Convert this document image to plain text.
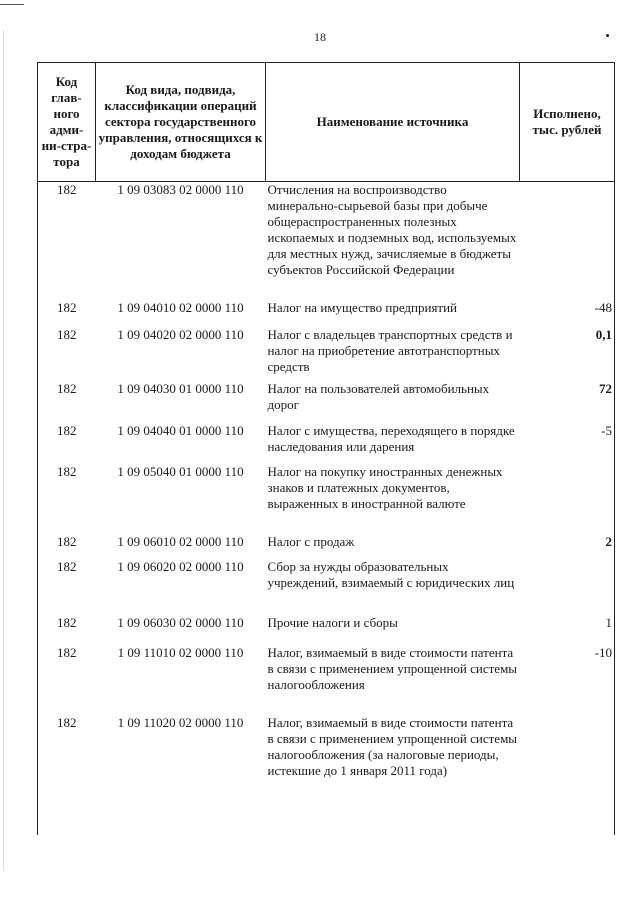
18
Код глав-ного адми-ни-стра-тора	Код вида, подвида, классификации операций сектора государственного управления, относящихся к доходам бюджета	Наименование источника	Исполнено, тыс. рублей
182	1 09 03083 02 0000 110	Отчисления на воспроизводство минерально-сырьевой базы при добыче общераспространенных полезных ископаемых и подземных вод, используемых для местных нужд, зачисляемые в бюджеты субъектов Российской Федерации	
182	1 09 04010 02 0000 110	Налог на имущество предприятий	-48
182	1 09 04020 02 0000 110	Налог с владельцев транспортных средств и налог на приобретение автотранспортных средств	0,1
182	1 09 04030 01 0000 110	Налог на пользователей автомобильных дорог	72
182	1 09 04040 01 0000 110	Налог с имущества, переходящего в порядке наследования или дарения	-5
182	1 09 05040 01 0000 110	Налог на покупку иностранных денежных знаков и платежных документов, выраженных в иностранной валюте	
182	1 09 06010 02 0000 110	Налог с продаж	2
182	1 09 06020 02 0000 110	Сбор за нужды образовательных учреждений, взимаемый с юридических лиц	
182	1 09 06030 02 0000 110	Прочие налоги и сборы	1
182	1 09 11010 02 0000 110	Налог, взимаемый в виде стоимости патента в связи с применением упрощенной системы налогообложения	-10
182	1 09 11020 02 0000 110	Налог, взимаемый в виде стоимости патента в связи с применением упрощенной системы налогообложения (за налоговые периоды, истекшие до 1 января 2011 года)	
